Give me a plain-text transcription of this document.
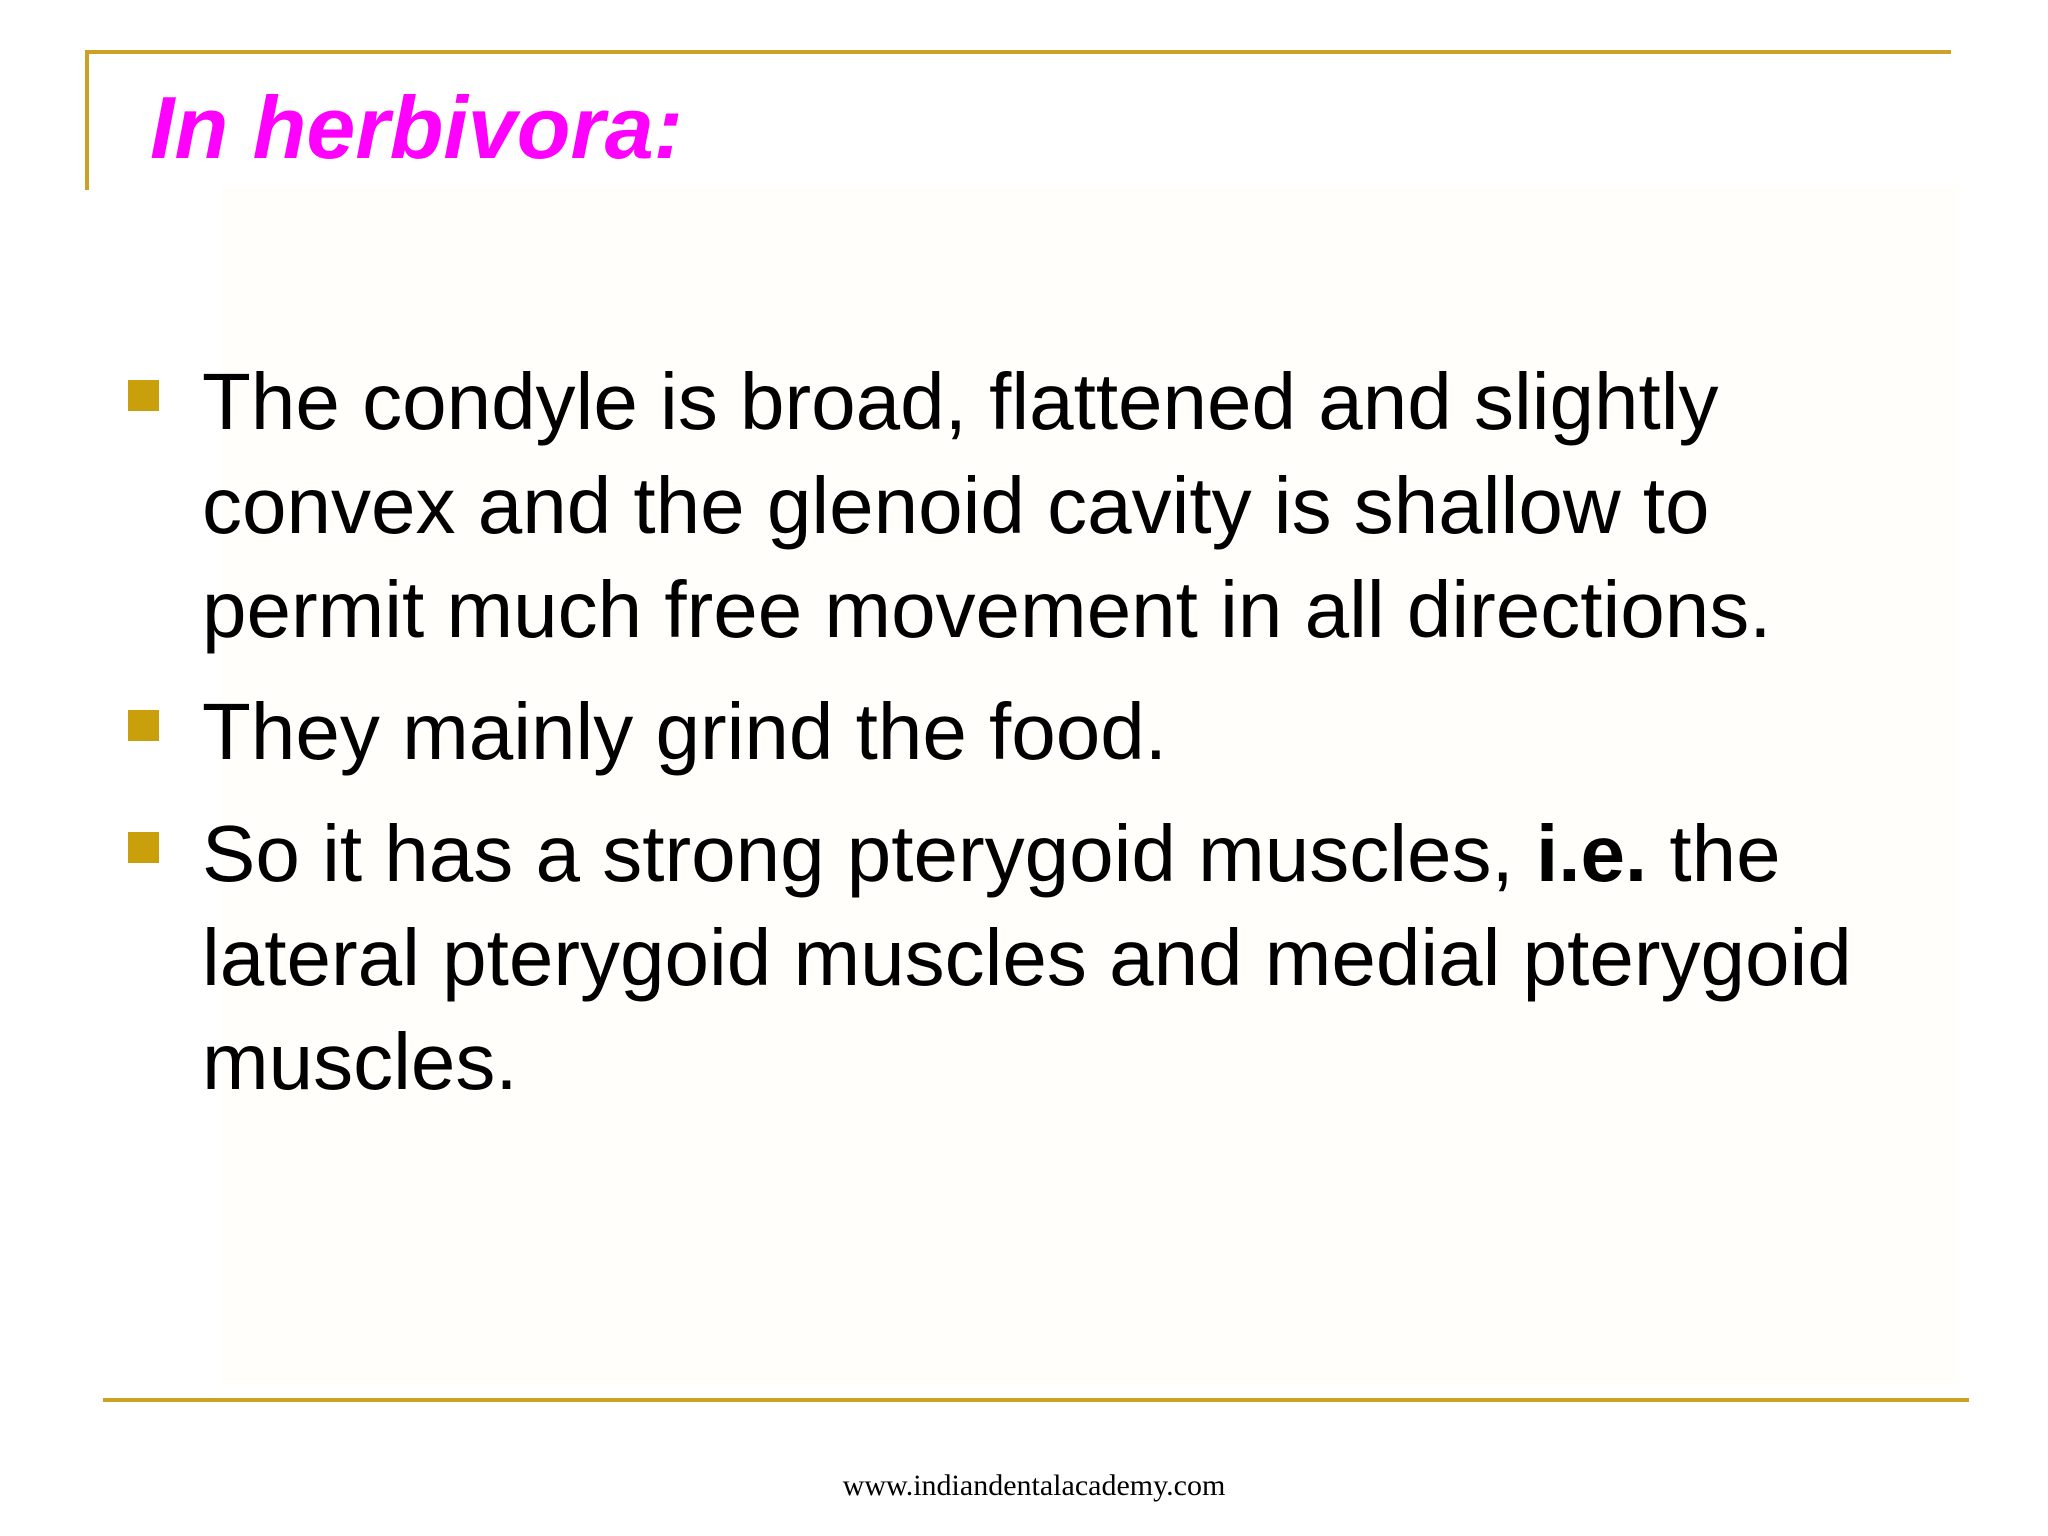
In herbivora:
The condyle is broad, flattened and slightly convex and the glenoid cavity is shallow to permit much free movement in all directions.
They mainly grind the food.
So it has a strong pterygoid muscles, i.e. the lateral pterygoid muscles and medial pterygoid muscles.
www.indiandentalacademy.com
